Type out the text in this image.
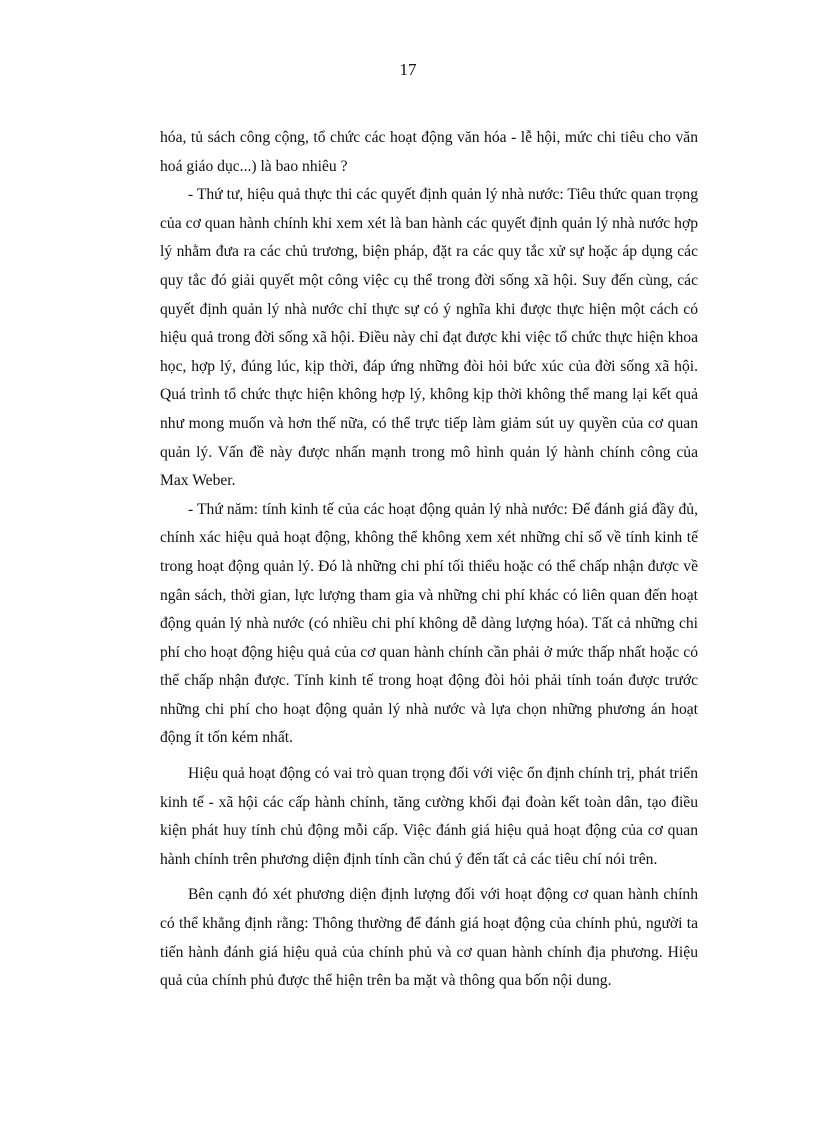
17

hóa, tủ sách công cộng, tổ chức các hoạt động văn hóa - lễ hội, mức chi tiêu cho văn hoá giáo dục...) là bao nhiêu ?

- Thứ tư, hiệu quả thực thi các quyết định quản lý nhà nước: Tiêu thức quan trọng của cơ quan hành chính khi xem xét là ban hành các quyết định quản lý nhà nước hợp lý nhằm đưa ra các chủ trương, biện pháp, đặt ra các quy tắc xử sự hoặc áp dụng các quy tắc đó giải quyết một công việc cụ thể trong đời sống xã hội. Suy đến cùng, các quyết định quản lý nhà nước chỉ thực sự có ý nghĩa khi được thực hiện một cách có hiệu quả trong đời sống xã hội. Điều này chỉ đạt được khi việc tổ chức thực hiện khoa học, hợp lý, đúng lúc, kịp thời, đáp ứng những đòi hỏi bức xúc của đời sống xã hội. Quá trình tổ chức thực hiện không hợp lý, không kịp thời không thể mang lại kết quả như mong muốn và hơn thế nữa, có thể trực tiếp làm giảm sút uy quyền của cơ quan quản lý. Vấn đề này được nhấn mạnh trong mô hình quản lý hành chính công của Max Weber.

- Thứ năm: tính kinh tế của các hoạt động quản lý nhà nước: Để đánh giá đầy đủ, chính xác hiệu quả hoạt động, không thể không xem xét những chỉ số về tính kinh tế trong hoạt động quản lý. Đó là những chi phí tối thiểu hoặc có thể chấp nhận được về ngân sách, thời gian, lực lượng tham gia và những chi phí khác có liên quan đến hoạt động quản lý nhà nước (có nhiều chi phí không dễ dàng lượng hóa). Tất cả những chi phí cho hoạt động hiệu quả của cơ quan hành chính cần phải ở mức thấp nhất hoặc có thể chấp nhận được. Tính kinh tế trong hoạt động đòi hỏi phải tính toán được trước những chi phí cho hoạt động quản lý nhà nước và lựa chọn những phương án hoạt động ít tốn kém nhất.

Hiệu quả hoạt động có vai trò quan trọng đối với việc ổn định chính trị, phát triển kinh tế - xã hội các cấp hành chính, tăng cường khối đại đoàn kết toàn dân, tạo điều kiện phát huy tính chủ động mỗi cấp. Việc đánh giá hiệu quả hoạt động của cơ quan hành chính trên phương diện định tính cần chú ý đến tất cả các tiêu chí nói trên.

Bên cạnh đó xét phương diện định lượng đối với hoạt động cơ quan hành chính có thể khẳng định rằng: Thông thường để đánh giá hoạt động của chính phủ, người ta tiến hành đánh giá hiệu quả của chính phủ và cơ quan hành chính địa phương. Hiệu quả của chính phủ được thể hiện trên ba mặt và thông qua bốn nội dung.
